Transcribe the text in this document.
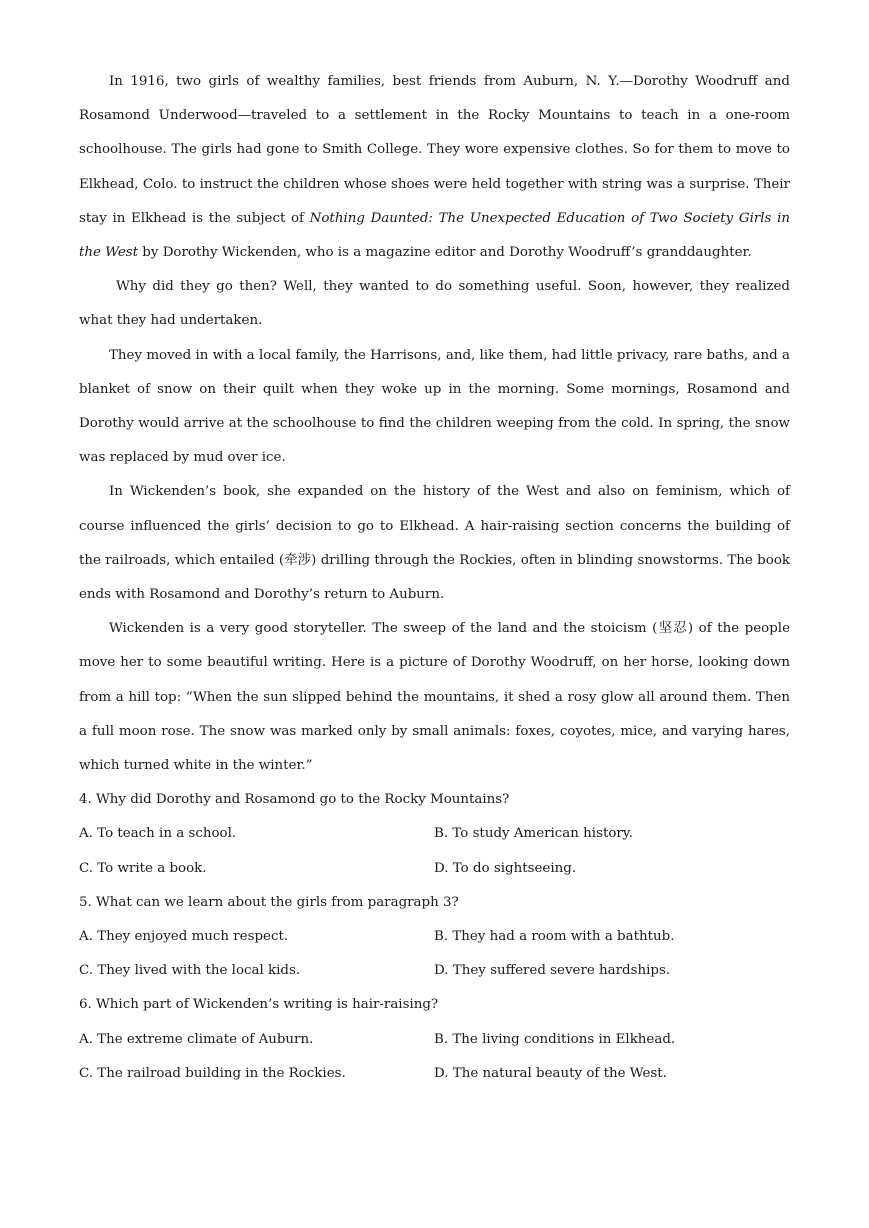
In 1916, two girls of wealthy families, best friends from Auburn, N. Y.—Dorothy Woodruff and Rosamond Underwood—traveled to a settlement in the Rocky Mountains to teach in a one-room schoolhouse. The girls had gone to Smith College. They wore expensive clothes. So for them to move to Elkhead, Colo. to instruct the children whose shoes were held together with string was a surprise. Their stay in Elkhead is the subject of Nothing Daunted: The Unexpected Education of Two Society Girls in the West by Dorothy Wickenden, who is a magazine editor and Dorothy Woodruff’s granddaughter.

Why did they go then? Well, they wanted to do something useful. Soon, however, they realized what they had undertaken.

They moved in with a local family, the Harrisons, and, like them, had little privacy, rare baths, and a blanket of snow on their quilt when they woke up in the morning. Some mornings, Rosamond and Dorothy would arrive at the schoolhouse to find the children weeping from the cold. In spring, the snow was replaced by mud over ice.

In Wickenden’s book, she expanded on the history of the West and also on feminism, which of course influenced the girls’ decision to go to Elkhead. A hair-raising section concerns the building of the railroads, which entailed (牵涉) drilling through the Rockies, often in blinding snowstorms. The book ends with Rosamond and Dorothy’s return to Auburn.

Wickenden is a very good storyteller. The sweep of the land and the stoicism (坚忍) of the people move her to some beautiful writing. Here is a picture of Dorothy Woodruff, on her horse, looking down from a hill top: “When the sun slipped behind the mountains, it shed a rosy glow all around them. Then a full moon rose. The snow was marked only by small animals: foxes, coyotes, mice, and varying hares, which turned white in the winter.”

4. Why did Dorothy and Rosamond go to the Rocky Mountains?

A. To teach in a school.	B. To study American history.

C. To write a book.	D. To do sightseeing.

5. What can we learn about the girls from paragraph 3?

A. They enjoyed much respect.	B. They had a room with a bathtub.

C. They lived with the local kids.	D. They suffered severe hardships.

6. Which part of Wickenden’s writing is hair-raising?

A. The extreme climate of Auburn.	B. The living conditions in Elkhead.

C. The railroad building in the Rockies.	D. The natural beauty of the West.
